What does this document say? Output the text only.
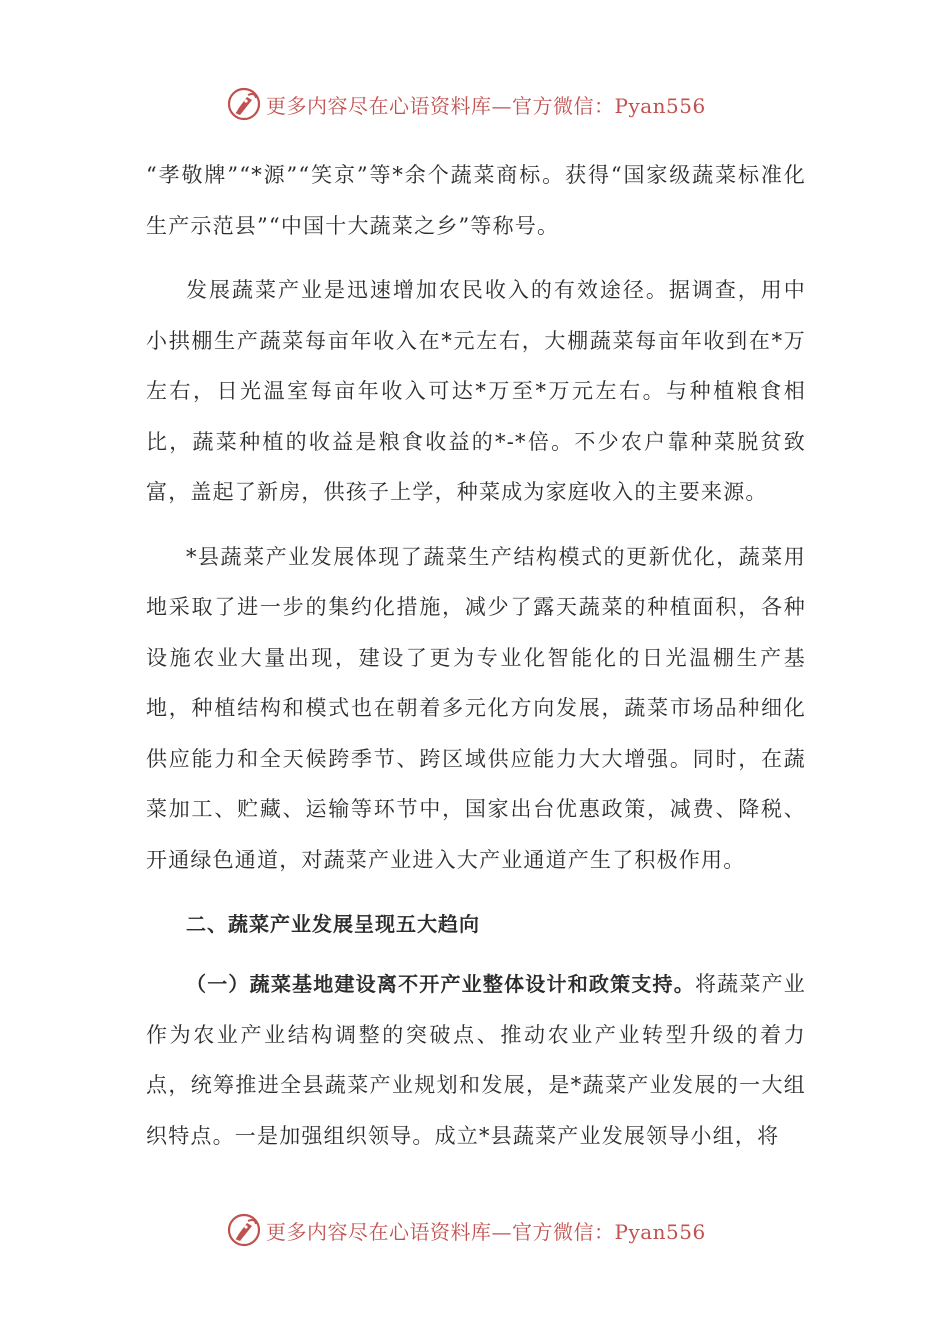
更多内容尽在心语资料库—官方微信：Pyan556

“孝敬牌”“*源”“笑京”等*余个蔬菜商标。获得“国家级蔬菜标准化生产示范县”“中国十大蔬菜之乡”等称号。

发展蔬菜产业是迅速增加农民收入的有效途径。据调查，用中小拱棚生产蔬菜每亩年收入在*元左右，大棚蔬菜每亩年收到在*万左右，日光温室每亩年收入可达*万至*万元左右。与种植粮食相比，蔬菜种植的收益是粮食收益的*-*倍。不少农户靠种菜脱贫致富，盖起了新房，供孩子上学，种菜成为家庭收入的主要来源。

*县蔬菜产业发展体现了蔬菜生产结构模式的更新优化，蔬菜用地采取了进一步的集约化措施，减少了露天蔬菜的种植面积，各种设施农业大量出现，建设了更为专业化智能化的日光温棚生产基地，种植结构和模式也在朝着多元化方向发展，蔬菜市场品种细化供应能力和全天候跨季节、跨区域供应能力大大增强。同时，在蔬菜加工、贮藏、运输等环节中，国家出台优惠政策，减费、降税、开通绿色通道，对蔬菜产业进入大产业通道产生了积极作用。

二、蔬菜产业发展呈现五大趋向

（一）蔬菜基地建设离不开产业整体设计和政策支持。将蔬菜产业作为农业产业结构调整的突破点、推动农业产业转型升级的着力点，统筹推进全县蔬菜产业规划和发展，是*蔬菜产业发展的一大组织特点。一是加强组织领导。成立*县蔬菜产业发展领导小组，将

更多内容尽在心语资料库—官方微信：Pyan556
